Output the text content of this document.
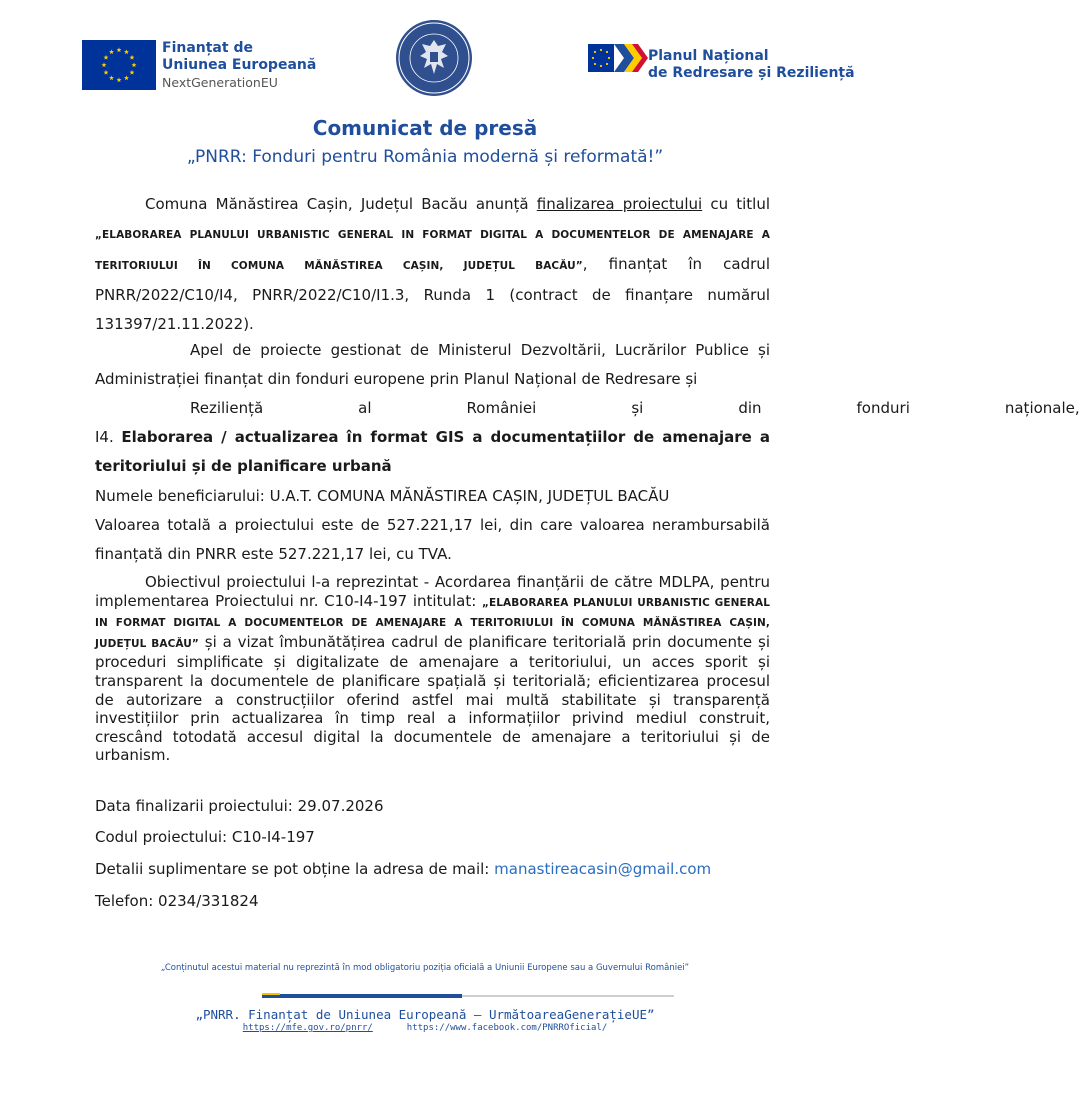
Finanțat de
Uniunea Europeană
NextGenerationEU
Planul Național
de Redresare și Reziliență
Comunicat de presă
„PNRR: Fonduri pentru România modernă și reformată!”
Comuna Mănăstirea Cașin, Județul Bacău anunță finalizarea proiectului cu titlul „ELABORAREA PLANULUI URBANISTIC GENERAL IN FORMAT DIGITAL A DOCUMENTELOR DE AMENAJARE A TERITORIULUI ÎN COMUNA MĂNĂSTIREA CAȘIN, JUDEȚUL BACĂU”, finanțat în cadrul PNRR/2022/C10/I4, PNRR/2022/C10/I1.3, Runda 1 (contract de finanțare numărul 131397/21.11.2022).
Apel de proiecte gestionat de Ministerul Dezvoltării, Lucrărilor Publice și Administrației finanțat din fonduri europene prin Planul Național de Redresare și
Reziliență	al	României	și	din	fonduri	naționale,
I4. Elaborarea / actualizarea în format GIS a documentațiilor de amenajare a teritoriului și de planificare urbană
Numele beneficiarului: U.A.T. COMUNA MĂNĂSTIREA CAȘIN, JUDEȚUL BACĂU
Valoarea totală a proiectului este de 527.221,17 lei, din care valoarea nerambursabilă finanțată din PNRR este 527.221,17 lei, cu TVA.
Obiectivul proiectului l-a reprezintat - Acordarea finanțării de către MDLPA, pentru implementarea Proiectului nr. C10-I4-197 intitulat: „ELABORAREA PLANULUI URBANISTIC GENERAL IN FORMAT DIGITAL A DOCUMENTELOR DE AMENAJARE A TERITORIULUI ÎN COMUNA MĂNĂSTIREA CAȘIN, JUDEȚUL BACĂU” și a vizat îmbunătățirea cadrul de planificare teritorială prin documente și proceduri simplificate și digitalizate de amenajare a teritoriului, un acces sporit și transparent la documentele de planificare spațială și teritorială; eficientizarea procesul de autorizare a construcțiilor oferind astfel mai multă stabilitate și transparență investițiilor prin actualizarea în timp real a informațiilor privind mediul construit, crescând totodată accesul digital la documentele de amenajare a teritoriului și de urbanism.
Data finalizarii proiectului: 29.07.2026
Codul proiectului: C10-I4-197
Detalii suplimentare se pot obține la adresa de mail: manastireacasin@gmail.com
Telefon: 0234/331824
„Conținutul acestui material nu reprezintă în mod obligatoriu poziția oficială a Uniunii Europene sau a Guvernului României”
„PNRR. Finanțat de Uniunea Europeană – UrmătoareaGenerațieUE”
https://mfe.gov.ro/pnrr/	https://www.facebook.com/PNRROficial/
